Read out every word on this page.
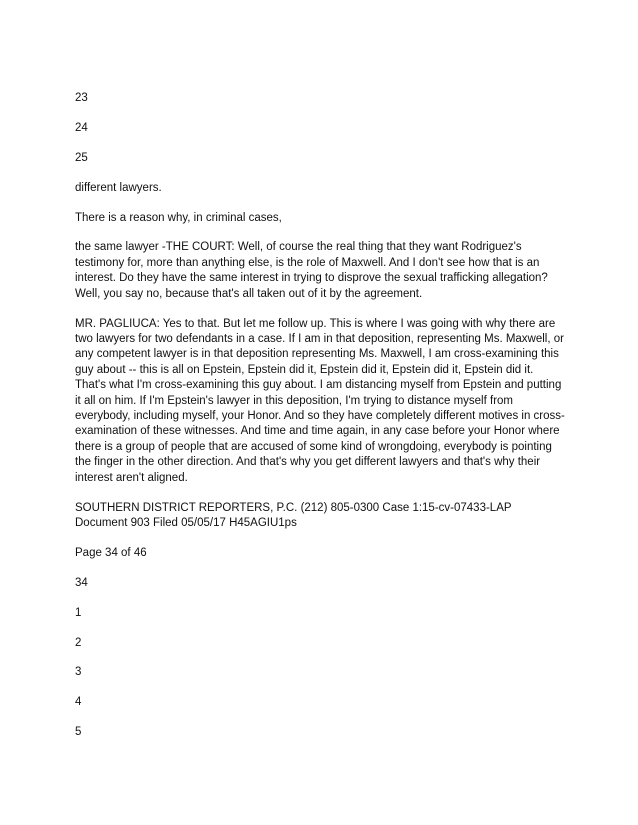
23

24

25

different lawyers.

There is a reason why, in criminal cases,

the same lawyer -THE COURT: Well, of course the real thing that they want Rodriguez's testimony for, more than anything else, is the role of Maxwell. And I don't see how that is an interest. Do they have the same interest in trying to disprove the sexual trafficking allegation? Well, you say no, because that's all taken out of it by the agreement.

MR. PAGLIUCA: Yes to that. But let me follow up. This is where I was going with why there are two lawyers for two defendants in a case. If I am in that deposition, representing Ms. Maxwell, or any competent lawyer is in that deposition representing Ms. Maxwell, I am cross-examining this guy about -- this is all on Epstein, Epstein did it, Epstein did it, Epstein did it, Epstein did it. That's what I'm cross-examining this guy about. I am distancing myself from Epstein and putting it all on him. If I'm Epstein's lawyer in this deposition, I'm trying to distance myself from everybody, including myself, your Honor. And so they have completely different motives in cross-examination of these witnesses. And time and time again, in any case before your Honor where there is a group of people that are accused of some kind of wrongdoing, everybody is pointing the finger in the other direction. And that's why you get different lawyers and that's why their interest aren't aligned.

SOUTHERN DISTRICT REPORTERS, P.C. (212) 805-0300 Case 1:15-cv-07433-LAP Document 903 Filed 05/05/17 H45AGIU1ps

Page 34 of 46

34

1

2

3

4

5
